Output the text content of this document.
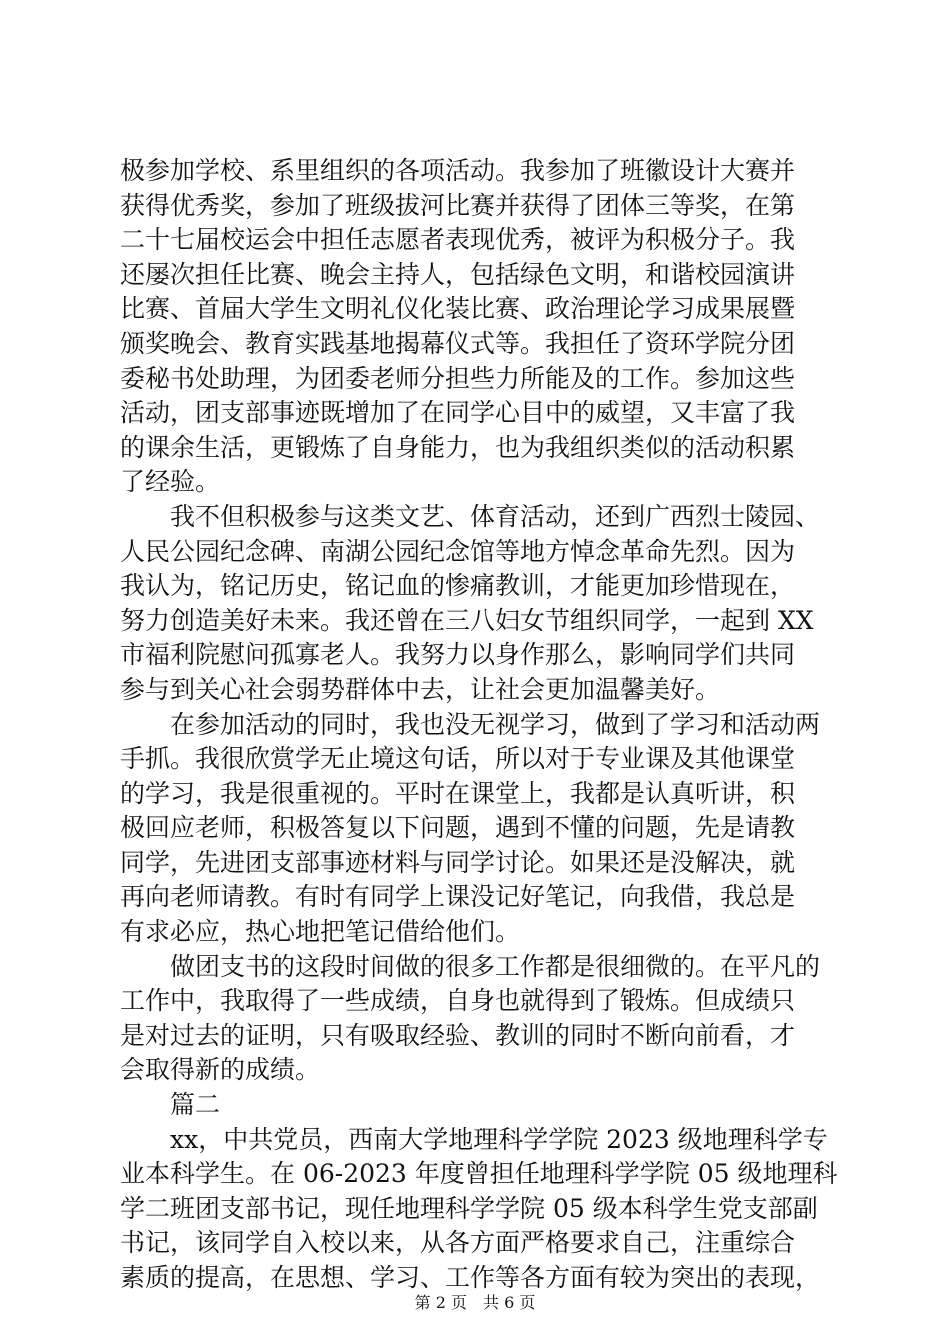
极参加学校、系里组织的各项活动。我参加了班徽设计大赛并
获得优秀奖，参加了班级拔河比赛并获得了团体三等奖，在第
二十七届校运会中担任志愿者表现优秀，被评为积极分子。我
还屡次担任比赛、晚会主持人，包括绿色文明，和谐校园演讲
比赛、首届大学生文明礼仪化装比赛、政治理论学习成果展暨
颁奖晚会、教育实践基地揭幕仪式等。我担任了资环学院分团
委秘书处助理，为团委老师分担些力所能及的工作。参加这些
活动，团支部事迹既增加了在同学心目中的威望，又丰富了我
的课余生活，更锻炼了自身能力，也为我组织类似的活动积累
了经验。
　　我不但积极参与这类文艺、体育活动，还到广西烈士陵园、
人民公园纪念碑、南湖公园纪念馆等地方悼念革命先烈。因为
我认为，铭记历史，铭记血的惨痛教训，才能更加珍惜现在，
努力创造美好未来。我还曾在三八妇女节组织同学，一起到 XX
市福利院慰问孤寡老人。我努力以身作那么，影响同学们共同
参与到关心社会弱势群体中去，让社会更加温馨美好。
　　在参加活动的同时，我也没无视学习，做到了学习和活动两
手抓。我很欣赏学无止境这句话，所以对于专业课及其他课堂
的学习，我是很重视的。平时在课堂上，我都是认真听讲，积
极回应老师，积极答复以下问题，遇到不懂的问题，先是请教
同学，先进团支部事迹材料与同学讨论。如果还是没解决，就
再向老师请教。有时有同学上课没记好笔记，向我借，我总是
有求必应，热心地把笔记借给他们。
　　做团支书的这段时间做的很多工作都是很细微的。在平凡的
工作中，我取得了一些成绩，自身也就得到了锻炼。但成绩只
是对过去的证明，只有吸取经验、教训的同时不断向前看，才
会取得新的成绩。
　　篇二
　　xx，中共党员，西南大学地理科学学院 2023 级地理科学专
业本科学生。在 06-2023 年度曾担任地理科学学院 05 级地理科
学二班团支部书记，现任地理科学学院 05 级本科学生党支部副
书记，该同学自入校以来，从各方面严格要求自己，注重综合
素质的提高，在思想、学习、工作等各方面有较为突出的表现，
第 2 页　共 6 页
